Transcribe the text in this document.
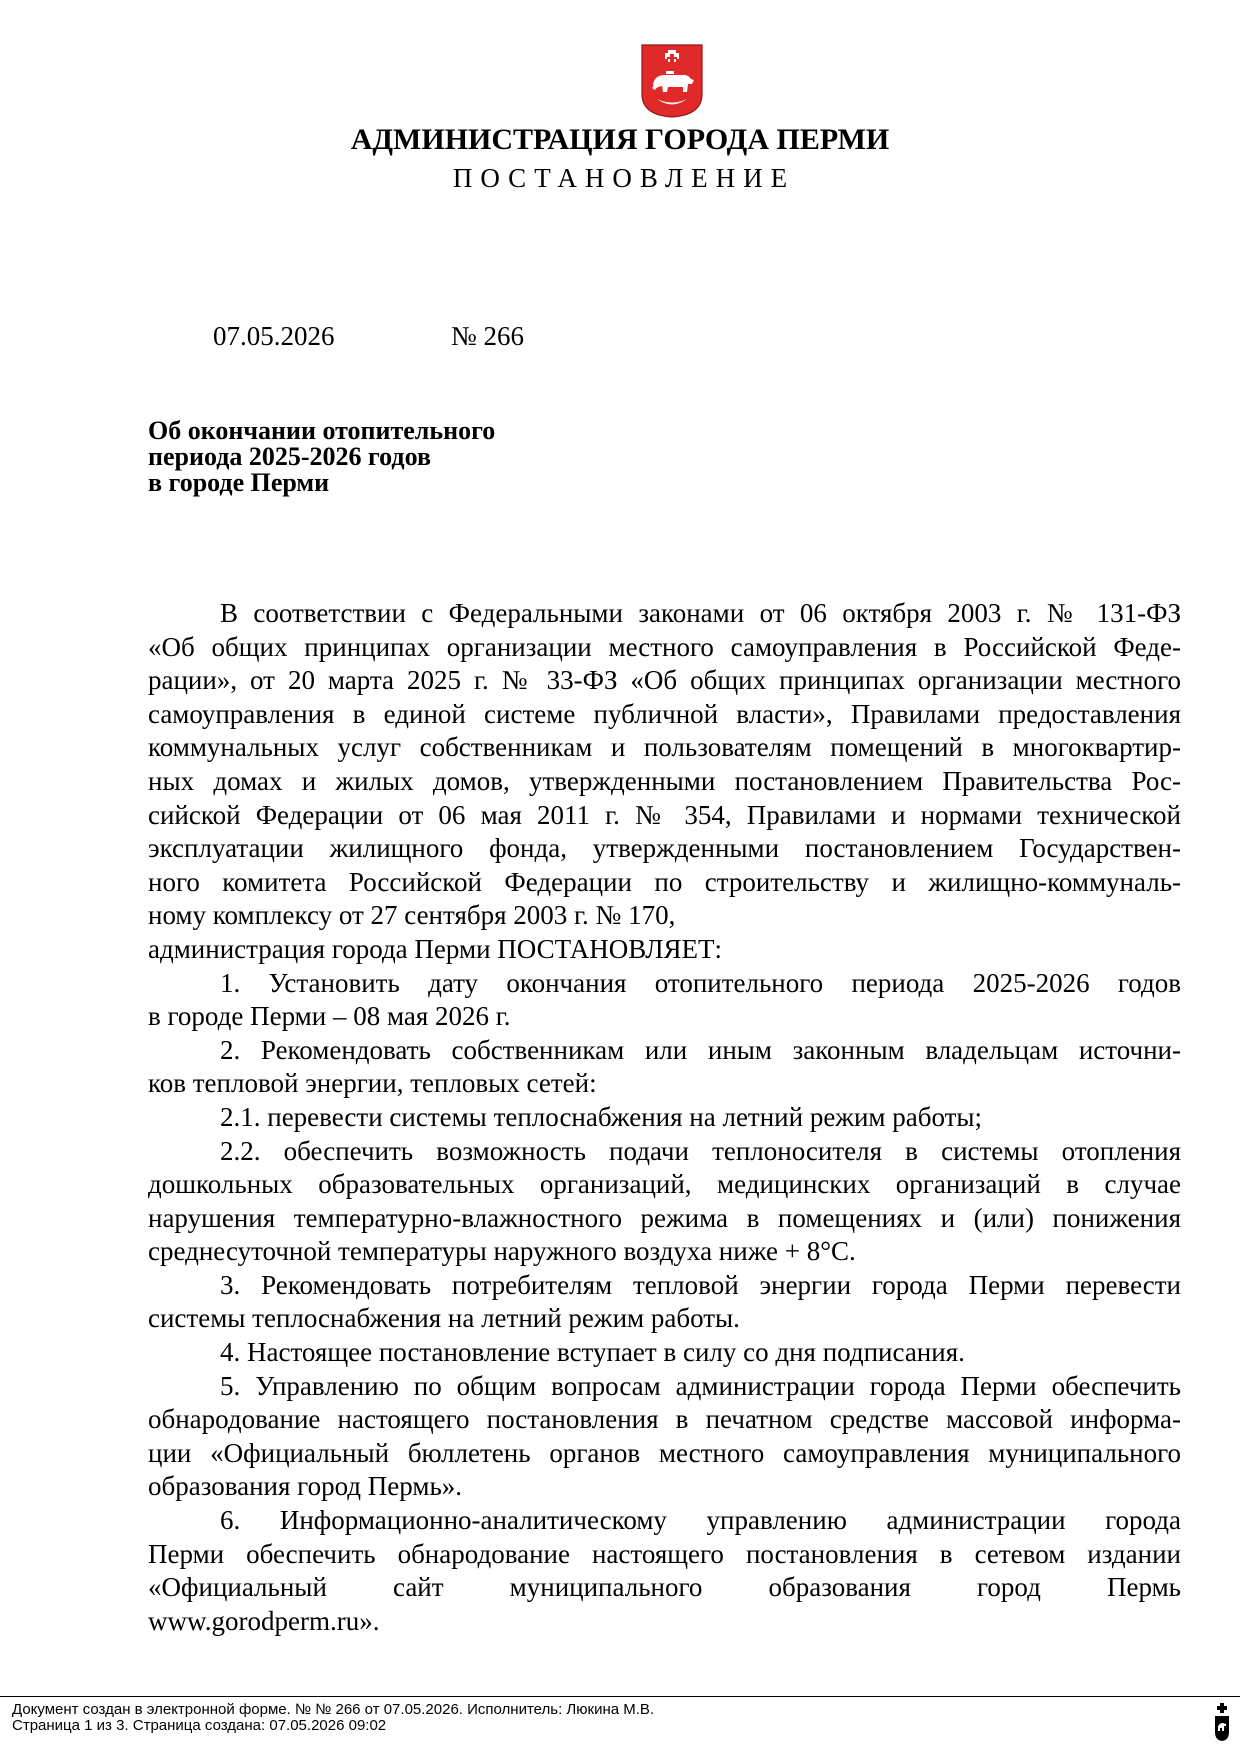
АДМИНИСТРАЦИЯ ГОРОДА ПЕРМИ
ПОСТАНОВЛЕНИЕ
07.05.2026	№ 266
Об окончании отопительного
периода 2025-2026 годов
в городе Перми
В соответствии с Федеральными законами от 06 октября 2003 г. № 131-ФЗ
«Об общих принципах организации местного самоуправления в Российской Феде-
рации», от 20 марта 2025 г. № 33-ФЗ «Об общих принципах организации местного
самоуправления в единой системе публичной власти», Правилами предоставления
коммунальных услуг собственникам и пользователям помещений в многоквартир-
ных домах и жилых домов, утвержденными постановлением Правительства Рос-
сийской Федерации от 06 мая 2011 г. № 354, Правилами и нормами технической
эксплуатации жилищного фонда, утвержденными постановлением Государствен-
ного комитета Российской Федерации по строительству и жилищно-коммуналь-
ному комплексу от 27 сентября 2003 г. № 170,
администрация города Перми ПОСТАНОВЛЯЕТ:
1. Установить дату окончания отопительного периода 2025-2026 годов
в городе Перми – 08 мая 2026 г.
2. Рекомендовать собственникам или иным законным владельцам источни-
ков тепловой энергии, тепловых сетей:
2.1. перевести системы теплоснабжения на летний режим работы;
2.2. обеспечить возможность подачи теплоносителя в системы отопления
дошкольных образовательных организаций, медицинских организаций в случае
нарушения температурно-влажностного режима в помещениях и (или) понижения
среднесуточной температуры наружного воздуха ниже + 8°С.
3. Рекомендовать потребителям тепловой энергии города Перми перевести
системы теплоснабжения на летний режим работы.
4. Настоящее постановление вступает в силу со дня подписания.
5. Управлению по общим вопросам администрации города Перми обеспечить
обнародование настоящего постановления в печатном средстве массовой информа-
ции «Официальный бюллетень органов местного самоуправления муниципального
образования город Пермь».
6. Информационно-аналитическому управлению администрации города
Перми обеспечить обнародование настоящего постановления в сетевом издании
«Официальный сайт муниципального образования город Пермь
www.gorodperm.ru».
Документ создан в электронной форме. № № 266 от 07.05.2026. Исполнитель: Люкина М.В.
Страница 1 из 3. Страница создана: 07.05.2026 09:02
